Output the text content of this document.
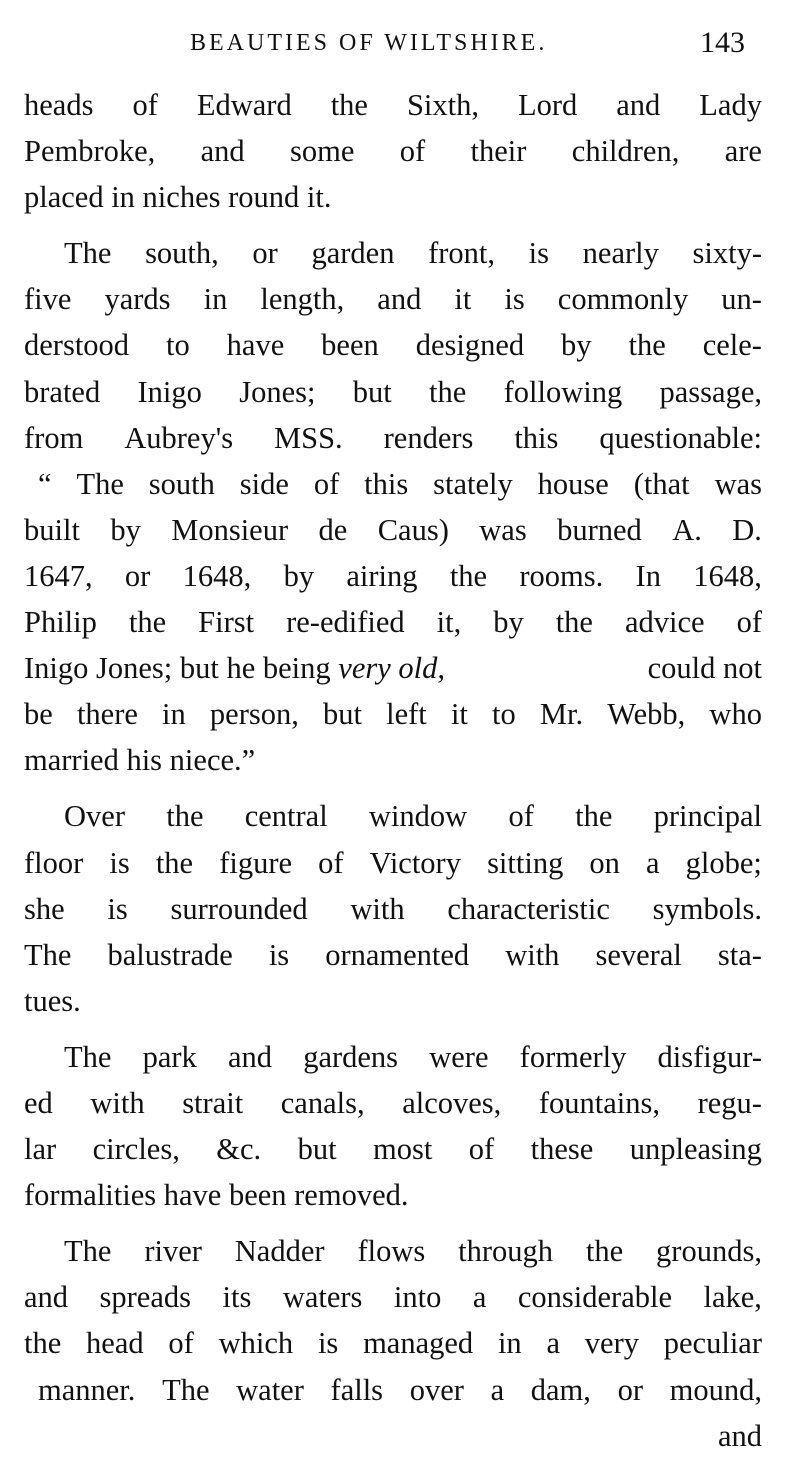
BEAUTIES OF WILTSHIRE.	143
heads of Edward the Sixth, Lord and Lady
Pembroke, and some of their children, are
placed in niches round it.
The south, or garden front, is nearly sixty-
five yards in length, and it is commonly un-
derstood to have been designed by the cele-
brated Inigo Jones; but the following passage,
from Aubrey's MSS. renders this questionable:
“ The south side of this stately house (that was
built by Monsieur de Caus) was burned A. D.
1647, or 1648, by airing the rooms. In 1648,
Philip the First re-edified it, by the advice of
Inigo Jones; but he being very old,	could not
be there in person, but left it to Mr. Webb, who
married his niece.”
Over the central window of the principal
floor is the figure of Victory sitting on a globe;
she is surrounded with characteristic symbols.
The balustrade is ornamented with several sta-
tues.
The park and gardens were formerly disfigur-
ed with strait canals, alcoves, fountains, regu-
lar circles, &c. but most of these unpleasing
formalities have been removed.
The river Nadder flows through the grounds,
and spreads its waters into a considerable lake,
the head of which is managed in a very peculiar
manner. The water falls over a dam, or mound,
and
